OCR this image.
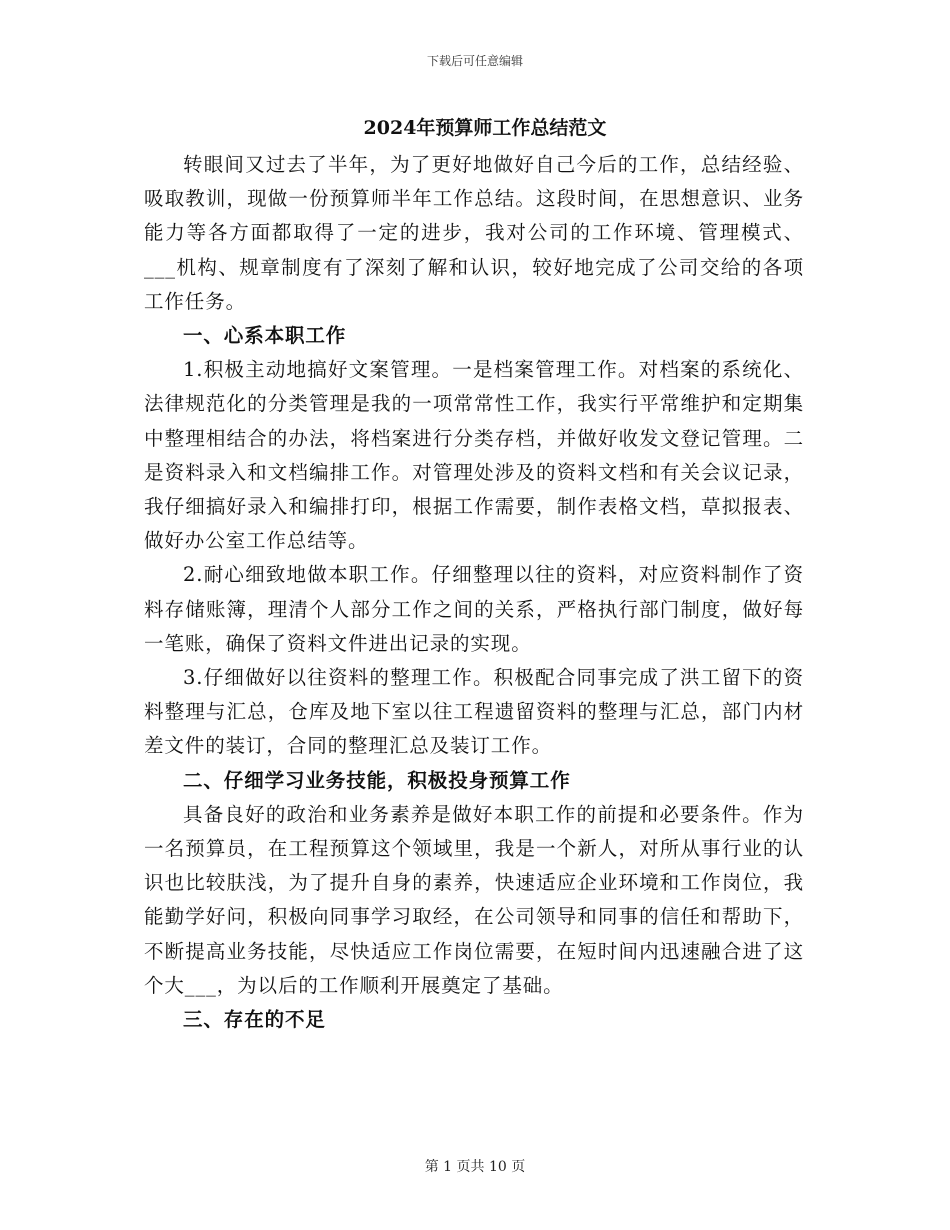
下载后可任意编辑
2024年预算师工作总结范文

转眼间又过去了半年，为了更好地做好自己今后的工作，总结经验、吸取教训，现做一份预算师半年工作总结。这段时间，在思想意识、业务能力等各方面都取得了一定的进步，我对公司的工作环境、管理模式、___机构、规章制度有了深刻了解和认识，较好地完成了公司交给的各项工作任务。

一、心系本职工作

1.积极主动地搞好文案管理。一是档案管理工作。对档案的系统化、法律规范化的分类管理是我的一项常常性工作，我实行平常维护和定期集中整理相结合的办法，将档案进行分类存档，并做好收发文登记管理。二是资料录入和文档编排工作。对管理处涉及的资料文档和有关会议记录，我仔细搞好录入和编排打印，根据工作需要，制作表格文档，草拟报表、做好办公室工作总结等。

2.耐心细致地做本职工作。仔细整理以往的资料，对应资料制作了资料存储账簿，理清个人部分工作之间的关系，严格执行部门制度，做好每一笔账，确保了资料文件进出记录的实现。

3.仔细做好以往资料的整理工作。积极配合同事完成了洪工留下的资料整理与汇总，仓库及地下室以往工程遗留资料的整理与汇总，部门内材差文件的装订，合同的整理汇总及装订工作。

二、仔细学习业务技能，积极投身预算工作

具备良好的政治和业务素养是做好本职工作的前提和必要条件。作为一名预算员，在工程预算这个领域里，我是一个新人，对所从事行业的认识也比较肤浅，为了提升自身的素养，快速适应企业环境和工作岗位，我能勤学好问，积极向同事学习取经，在公司领导和同事的信任和帮助下，不断提高业务技能，尽快适应工作岗位需要，在短时间内迅速融合进了这个大___，为以后的工作顺利开展奠定了基础。

三、存在的不足

第 1 页共 10 页
